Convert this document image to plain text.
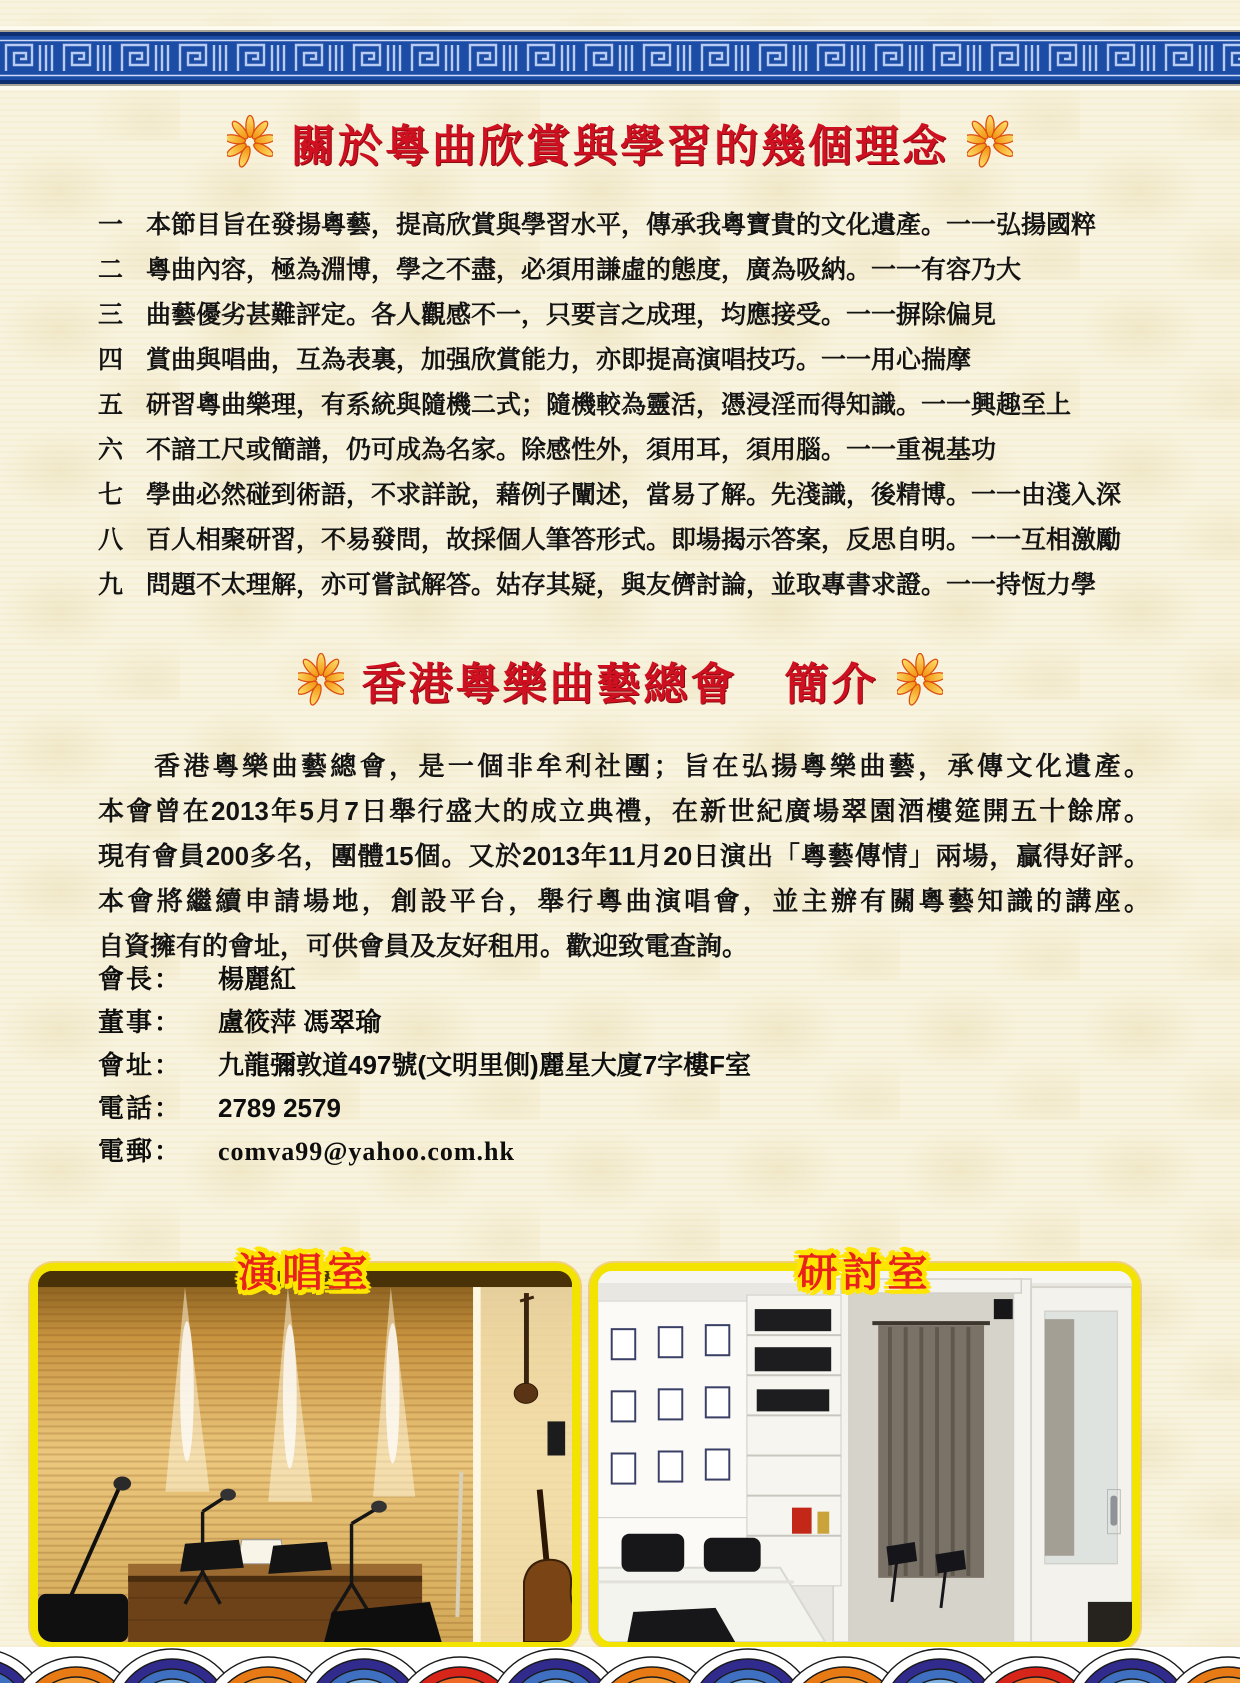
關於粵曲欣賞與學習的幾個理念
一 本節目旨在發揚粵藝，提高欣賞與學習水平，傳承我粵寶貴的文化遺產。一一弘揚國粹
二 粵曲內容，極為淵博，學之不盡，必須用謙虛的態度，廣為吸納。一一有容乃大
三 曲藝優劣甚難評定。各人觀感不一，只要言之成理，均應接受。一一摒除偏見
四 賞曲與唱曲，互為表裏，加强欣賞能力，亦即提高演唱技巧。一一用心揣摩
五 研習粵曲樂理，有系統與隨機二式；隨機較為靈活，憑浸淫而得知識。一一興趣至上
六 不諳工尺或簡譜，仍可成為名家。除感性外，須用耳，須用腦。一一重視基功
七 學曲必然碰到術語，不求詳說，藉例子闡述，當易了解。先淺識，後精博。一一由淺入深
八 百人相聚研習，不易發問，故採個人筆答形式。即場揭示答案，反思自明。一一互相激勵
九 問題不太理解，亦可嘗試解答。姑存其疑，與友儕討論，並取專書求證。一一持恆力學
香港粵樂曲藝總會　簡介
香港粵樂曲藝總會，是一個非牟利社團；旨在弘揚粵樂曲藝，承傳文化遺產。
本會曾在2013年5月7日舉行盛大的成立典禮，在新世紀廣場翠園酒樓筵開五十餘席。
現有會員200多名，團體15個。又於2013年11月20日演出「粵藝傳情」兩場，贏得好評。
本會將繼續申請場地，創設平台，舉行粵曲演唱會，並主辦有關粵藝知識的講座。
自資擁有的會址，可供會員及友好租用。歡迎致電查詢。
會長：	楊麗紅
董事：	盧筱萍 馮翠瑜
會址：	九龍彌敦道497號(文明里側)麗星大廈7字樓F室
電話：	2789 2579
電郵：	comva99@yahoo.com.hk
演唱室	研討室
